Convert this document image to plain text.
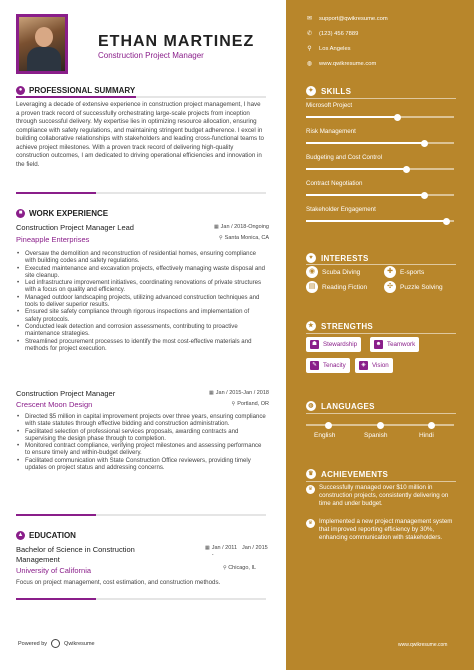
ETHAN MARTINEZ
Construction Project Manager
● PROFESSIONAL SUMMARY
Leveraging a decade of extensive experience in construction project management, I have a proven track record of successfully orchestrating large-scale projects from inception through successful delivery. My expertise lies in optimizing resource allocation, ensuring compliance with safety regulations, and maintaining stringent budget adherence. I excel in building collaborative relationships with stakeholders and leading cross-functional teams to achieve project milestones. With a proven track record of delivering high-quality construction outcomes, I am dedicated to driving operational efficiencies and innovation in the field.
■ WORK EXPERIENCE
Construction Project Manager Lead
Pineapple Enterprises
▦ Jan / 2018-Ongoing
⚲ Santa Monica, CA
• Oversaw the demolition and reconstruction of residential homes, ensuring compliance with building codes and safety regulations.
• Executed maintenance and excavation projects, effectively managing waste disposal and site cleanup.
• Led infrastructure improvement initiatives, coordinating renovations of private structures with a focus on quality and efficiency.
• Managed outdoor landscaping projects, utilizing advanced construction techniques and tools to deliver superior results.
• Ensured site safety compliance through rigorous inspections and implementation of safety protocols.
• Conducted leak detection and corrosion assessments, contributing to proactive maintenance strategies.
• Streamlined procurement processes to identify the most cost-effective materials and methods for project execution.
Construction Project Manager
Crescent Moon Design
▦ Jan / 2015-Jan / 2018
⚲ Portland, OR
• Directed $5 million in capital improvement projects over three years, ensuring compliance with state statutes through effective bidding and construction administration.
• Facilitated selection of professional services proposals, awarding contracts and supervising the design phase through to completion.
• Monitored contract compliance, verifying project milestones and assessing performance to ensure timely and within-budget delivery.
• Facilitated communication with State Construction Office reviewers, providing timely updates on project status and addressing concerns.
▲ EDUCATION
Bachelor of Science in Construction Management
University of California
▦ Jan / 2011
-
Jan / 2015
⚲ Chicago, IL
Focus on project management, cost estimation, and construction methods.
Powered by	Qwikresume
✉ support@qwikresume.com
✆ (123) 456 7889
⚲ Los Angeles
◍ www.qwikresume.com
✦ SKILLS
Microsoft Project
Risk Management
Budgeting and Cost Control
Contract Negotiation
Stakeholder Engagement
♥	INTERESTS
◉	Scuba Diving	✚	E-sports
▤	Reading Fiction	✣	Puzzle Solving
★ STRENGTHS
☗ Stewardship	☻ Teamwork
✎	Tenacity	◈	Vision
◍ LANGUAGES
English	Spanish	Hindi
♛ ACHIEVEMENTS
♛	Successfully managed over $10 million in construction projects, consistently delivering on time and under budget.
♛	Implemented a new project management system that improved reporting efficiency by 30%, enhancing communication with stakeholders.
www.qwikresume.com
